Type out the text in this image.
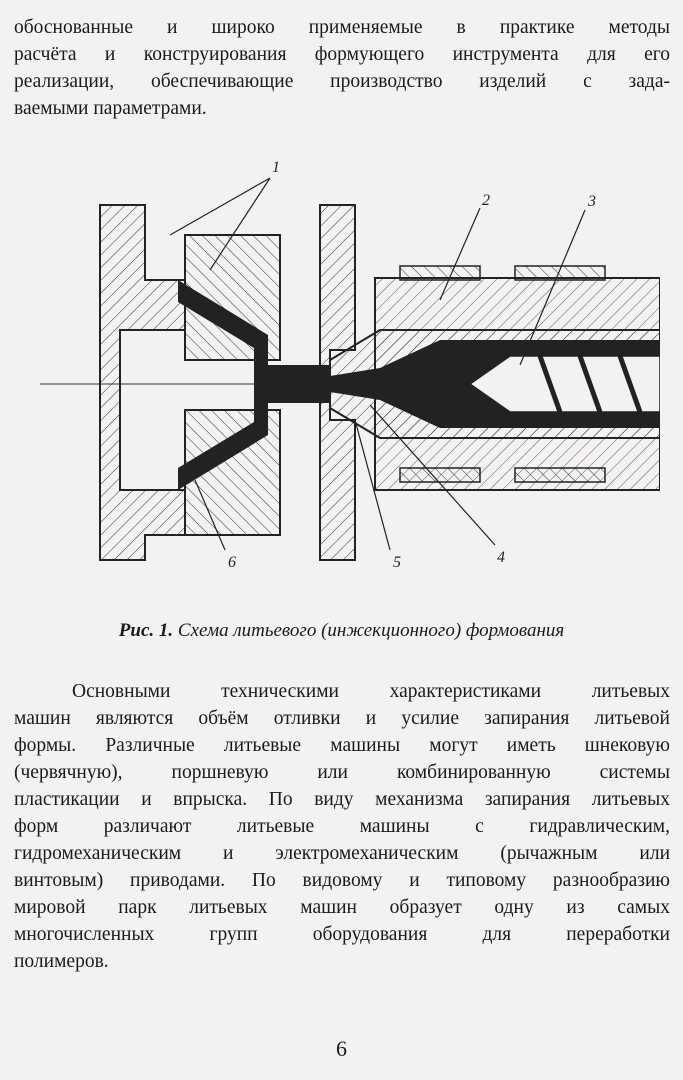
обоснованные и широко применяемые в практике методы
расчёта и конструирования формующего инструмента для его
реализации, обеспечивающие производство изделий с зада-
ваемыми параметрами.
1
2	3
4
5
6
Рис. 1. Схема литьевого (инжекционного) формования
Основными техническими характеристиками литьевых
машин являются объём отливки и усилие запирания литьевой
формы. Различные литьевые машины могут иметь шнековую
(червячную), поршневую или комбинированную системы
пластикации и впрыска. По виду механизма запирания литьевых
форм различают литьевые машины с гидравлическим,
гидромеханическим и электромеханическим (рычажным или
винтовым) приводами. По видовому и типовому разнообразию
мировой парк литьевых машин образует одну из самых
многочисленных групп оборудования для переработки
полимеров.
6
